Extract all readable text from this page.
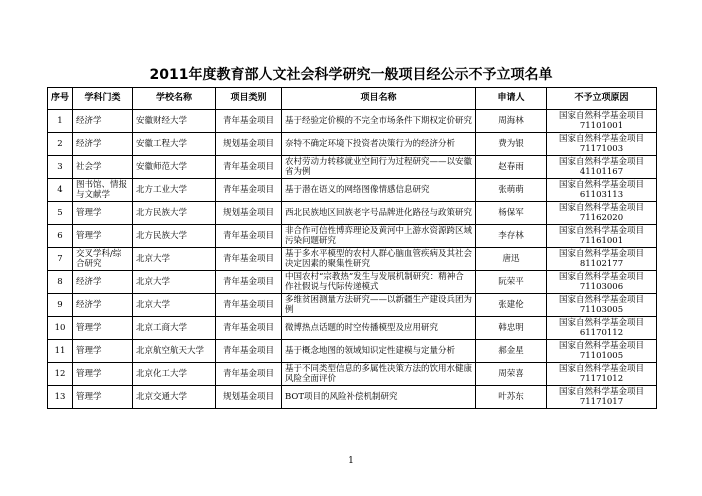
2011年度教育部人文社会科学研究一般项目经公示不予立项名单
序号	学科门类	学校名称	项目类别	项目名称	申请人	不予立项原因
1	经济学	安徽财经大学	青年基金项目	基于经验定价模的不完全市场条件下期权定价研究	周海林	国家自然科学基金项目71101001
2	经济学	安徽工程大学	规划基金项目	奈特不确定环境下投资者决策行为的经济分析	费为银	国家自然科学基金项目71171003
3	社会学	安徽师范大学	青年基金项目	农村劳动力转移就业空间行为过程研究——以安徽省为例	赵春雨	国家自然科学基金项目41101167
4	图书馆、情报与文献学	北方工业大学	青年基金项目	基于潜在语义的网络图像情感信息研究	张萌萌	国家自然科学基金项目61103113
5	管理学	北方民族大学	规划基金项目	西北民族地区回族老字号品牌进化路径与政策研究	杨保军	国家自然科学基金项目71162020
6	管理学	北方民族大学	青年基金项目	非合作可信性博弈理论及黄河中上游水资源跨区域污染问题研究	李存林	国家自然科学基金项目71161001
7	交叉学科/综合研究	北京大学	青年基金项目	基于多水平模型的农村人群心脑血管疾病及其社会决定因素的聚集性研究	唐迅	国家自然科学基金项目81102177
8	经济学	北京大学	青年基金项目	中国农村“宗教热”发生与发展机制研究：精神合作社假说与代际传递模式	阮荣平	国家自然科学基金项目71103006
9	经济学	北京大学	青年基金项目	多维贫困测量方法研究——以新疆生产建设兵团为例	张建伦	国家自然科学基金项目71103005
10	管理学	北京工商大学	青年基金项目	微博热点话题的时空传播模型及应用研究	韩忠明	国家自然科学基金项目61170112
11	管理学	北京航空航天大学	青年基金项目	基于概念地图的领域知识定性建模与定量分析	郝金星	国家自然科学基金项目71101005
12	管理学	北京化工大学	青年基金项目	基于不同类型信息的多属性决策方法的饮用水健康风险全面评价	周荣喜	国家自然科学基金项目71171012
13	管理学	北京交通大学	规划基金项目	BOT项目的风险补偿机制研究	叶苏东	国家自然科学基金项目71171017
1
